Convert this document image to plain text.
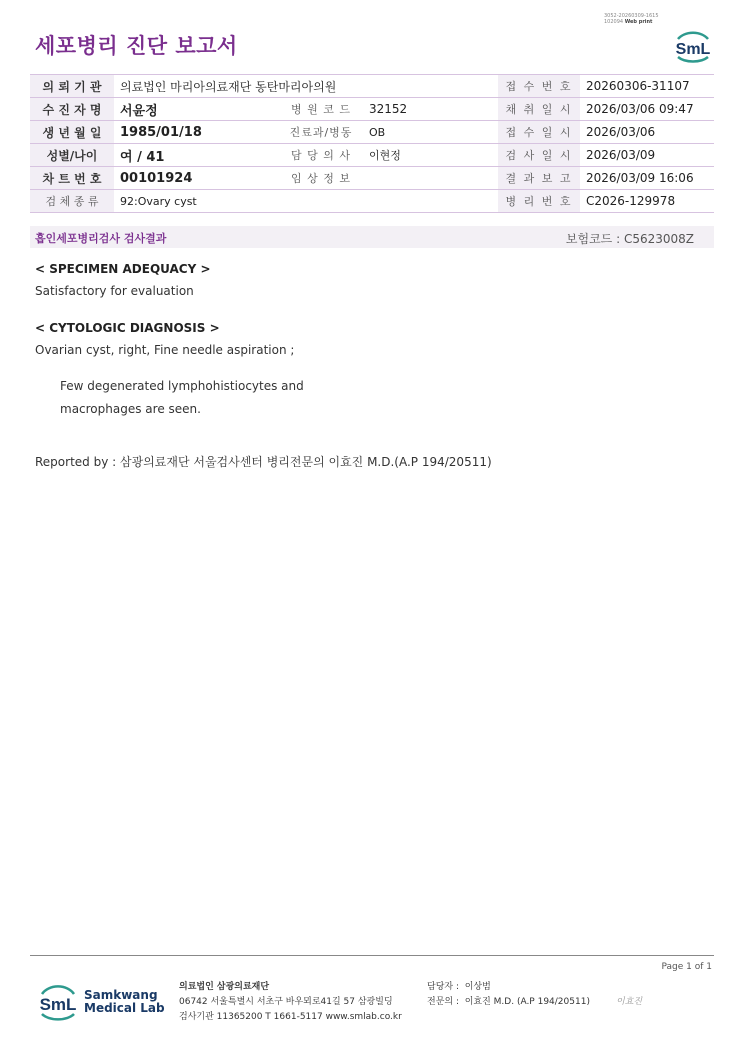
세포병리 진단 보고서
3052-20260309-1615
102094 Web print
SmL
의 뢰 기 관	의료법인 마리아의료재단 동탄마리아의원			접 수 번 호	20260306-31107
수 진 자 명	서윤정	병 원 코 드	32152	채 취 일 시	2026/03/06 09:47
생 년 월 일	1985/01/18	진료과/병동	OB	접 수 일 시	2026/03/06
성별/나이	여 / 41	담 당 의 사	이현정	검 사 일 시	2026/03/09
차 트 번 호	00101924	임 상 정 보		결 과 보 고	2026/03/09 16:06
검 체 종 류	92:Ovary cyst			병 리 번 호	C2026-129978
흡인세포병리검사 검사결과	보험코드 : C5623008Z
< SPECIMEN ADEQUACY >
Satisfactory for evaluation
< CYTOLOGIC DIAGNOSIS >
Ovarian cyst, right, Fine needle aspiration ;
Few degenerated lymphohistiocytes and
macrophages are seen.
Reported by : 삼광의료재단 서울검사센터 병리전문의 이효진 M.D.(A.P 194/20511)
Page 1 of 1
SmL Samkwang
Medical Lab
의료법인 삼광의료재단
06742 서울특별시 서초구 바우뫼로41길 57 삼광빌딩
검사기관 11365200 T 1661-5117 www.smlab.co.kr
담당자 : 이상범
전문의 : 이효진 M.D. (A.P 194/20511)	이효진
